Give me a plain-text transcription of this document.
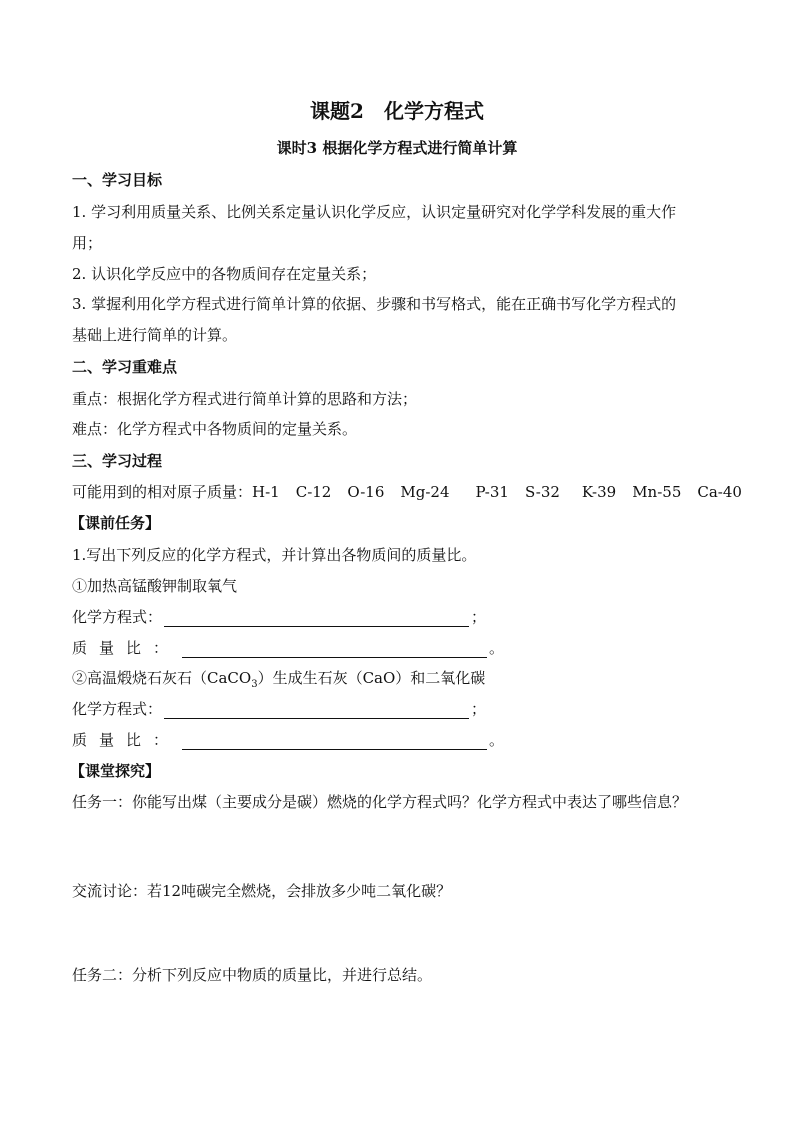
课题2　化学方程式
课时3 根据化学方程式进行简单计算
一、学习目标
1. 学习利用质量关系、比例关系定量认识化学反应，认识定量研究对化学学科发展的重大作
用；
2. 认识化学反应中的各物质间存在定量关系；
3. 掌握利用化学方程式进行简单计算的依据、步骤和书写格式，能在正确书写化学方程式的
基础上进行简单的计算。
二、学习重难点
重点：根据化学方程式进行简单计算的思路和方法；
难点：化学方程式中各物质间的定量关系。
三、学习过程
可能用到的相对原子质量：H-1 C-12 O-16 Mg-24 P-31 S-32 K-39 Mn-55 Ca-40
【课前任务】
1.写出下列反应的化学方程式，并计算出各物质间的质量比。
①加热高锰酸钾制取氧气
化学方程式：	；
质量比：	。
②高温煅烧石灰石（CaCO$_3$）生成生石灰（CaO）和二氧化碳
化学方程式：	；
质量比：	。
【课堂探究】
任务一：你能写出煤（主要成分是碳）燃烧的化学方程式吗？化学方程式中表达了哪些信息？
交流讨论：若12吨碳完全燃烧，会排放多少吨二氧化碳？
任务二：分析下列反应中物质的质量比，并进行总结。
